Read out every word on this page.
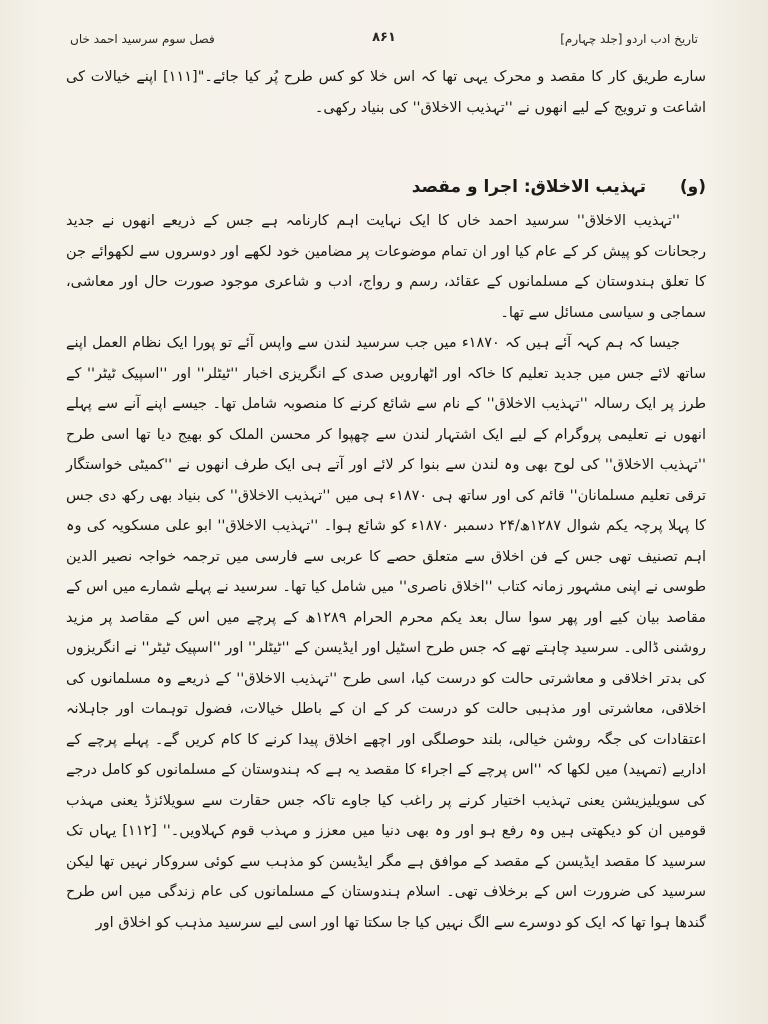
تاریخ ادب اردو [جلد چہارم]
۸۶۱
فصل سوم سرسید احمد خاں

سارے طریق کار کا مقصد و محرک یہی تھا کہ اس خلا کو کس طرح پُر کیا جائے۔"[۱۱۱] اپنے خیالات کی اشاعت و ترویج کے لیے انھوں نے ''تہذیب الاخلاق'' کی بنیاد رکھی۔

(و) تہذیب الاخلاق: اجرا و مقصد

''تہذیب الاخلاق'' سرسید احمد خاں کا ایک نہایت اہم کارنامہ ہے جس کے ذریعے انھوں نے جدید رجحانات کو پیش کر کے عام کیا اور ان تمام موضوعات پر مضامین خود لکھے اور دوسروں سے لکھوائے جن کا تعلق ہندوستان کے مسلمانوں کے عقائد، رسم و رواج، ادب و شاعری موجود صورت حال اور معاشی، سماجی و سیاسی مسائل سے تھا۔

جیسا کہ ہم کہہ آئے ہیں کہ ۱۸۷۰ء میں جب سرسید لندن سے واپس آئے تو پورا ایک نظام العمل اپنے ساتھ لائے جس میں جدید تعلیم کا خاکہ اور اٹھارویں صدی کے انگریزی اخبار ''ٹیٹلر'' اور ''اسپیک ٹیٹر'' کے طرز پر ایک رسالہ ''تہذیب الاخلاق'' کے نام سے شائع کرنے کا منصوبہ شامل تھا۔ جیسے اپنے آنے سے پہلے انھوں نے تعلیمی پروگرام کے لیے ایک اشتہار لندن سے چھپوا کر محسن الملک کو بھیج دیا تھا اسی طرح ''تہذیب الاخلاق'' کی لوح بھی وہ لندن سے بنوا کر لائے اور آتے ہی ایک طرف انھوں نے ''کمیٹی خواستگار ترقی تعلیم مسلمانان'' قائم کی اور ساتھ ہی ۱۸۷۰ء ہی میں ''تہذیب الاخلاق'' کی بنیاد بھی رکھ دی جس کا پہلا پرچہ یکم شوال ۱۲۸۷ھ/۲۴ دسمبر ۱۸۷۰ء کو شائع ہوا۔ ''تہذیب الاخلاق'' ابو علی مسکویہ کی وہ اہم تصنیف تھی جس کے فن اخلاق سے متعلق حصے کا عربی سے فارسی میں ترجمہ خواجہ نصیر الدین طوسی نے اپنی مشہور زمانہ کتاب ''اخلاق ناصری'' میں شامل کیا تھا۔ سرسید نے پہلے شمارے میں اس کے مقاصد بیان کیے اور پھر سوا سال بعد یکم محرم الحرام ۱۲۸۹ھ کے پرچے میں اس کے مقاصد پر مزید روشنی ڈالی۔ سرسید چاہتے تھے کہ جس طرح اسٹیل اور ایڈیسن کے ''ٹیٹلر'' اور ''اسپیک ٹیٹر'' نے انگریزوں کی بدتر اخلاقی و معاشرتی حالت کو درست کیا، اسی طرح ''تہذیب الاخلاق'' کے ذریعے وہ مسلمانوں کی اخلاقی، معاشرتی اور مذہبی حالت کو درست کر کے ان کے باطل خیالات، فضول توہمات اور جاہلانہ اعتقادات کی جگہ روشن خیالی، بلند حوصلگی اور اچھے اخلاق پیدا کرنے کا کام کریں گے۔ پہلے پرچے کے اداریے (تمہید) میں لکھا کہ ''اس پرچے کے اجراء کا مقصد یہ ہے کہ ہندوستان کے مسلمانوں کو کامل درجے کی سویلیزیشن یعنی تہذیب اختیار کرنے پر راغب کیا جاوے تاکہ جس حقارت سے سویلائزڈ یعنی مہذب قومیں ان کو دیکھتی ہیں وہ رفع ہو اور وہ بھی دنیا میں معزز و مہذب قوم کہلاویں۔'' [۱۱۲] یہاں تک سرسید کا مقصد ایڈیسن کے مقصد کے موافق ہے مگر ایڈیسن کو مذہب سے کوئی سروکار نہیں تھا لیکن سرسید کی ضرورت اس کے برخلاف تھی۔ اسلام ہندوستان کے مسلمانوں کی عام زندگی میں اس طرح گندھا ہوا تھا کہ ایک کو دوسرے سے الگ نہیں کیا جا سکتا تھا اور اسی لیے سرسید مذہب کو اخلاق اور
